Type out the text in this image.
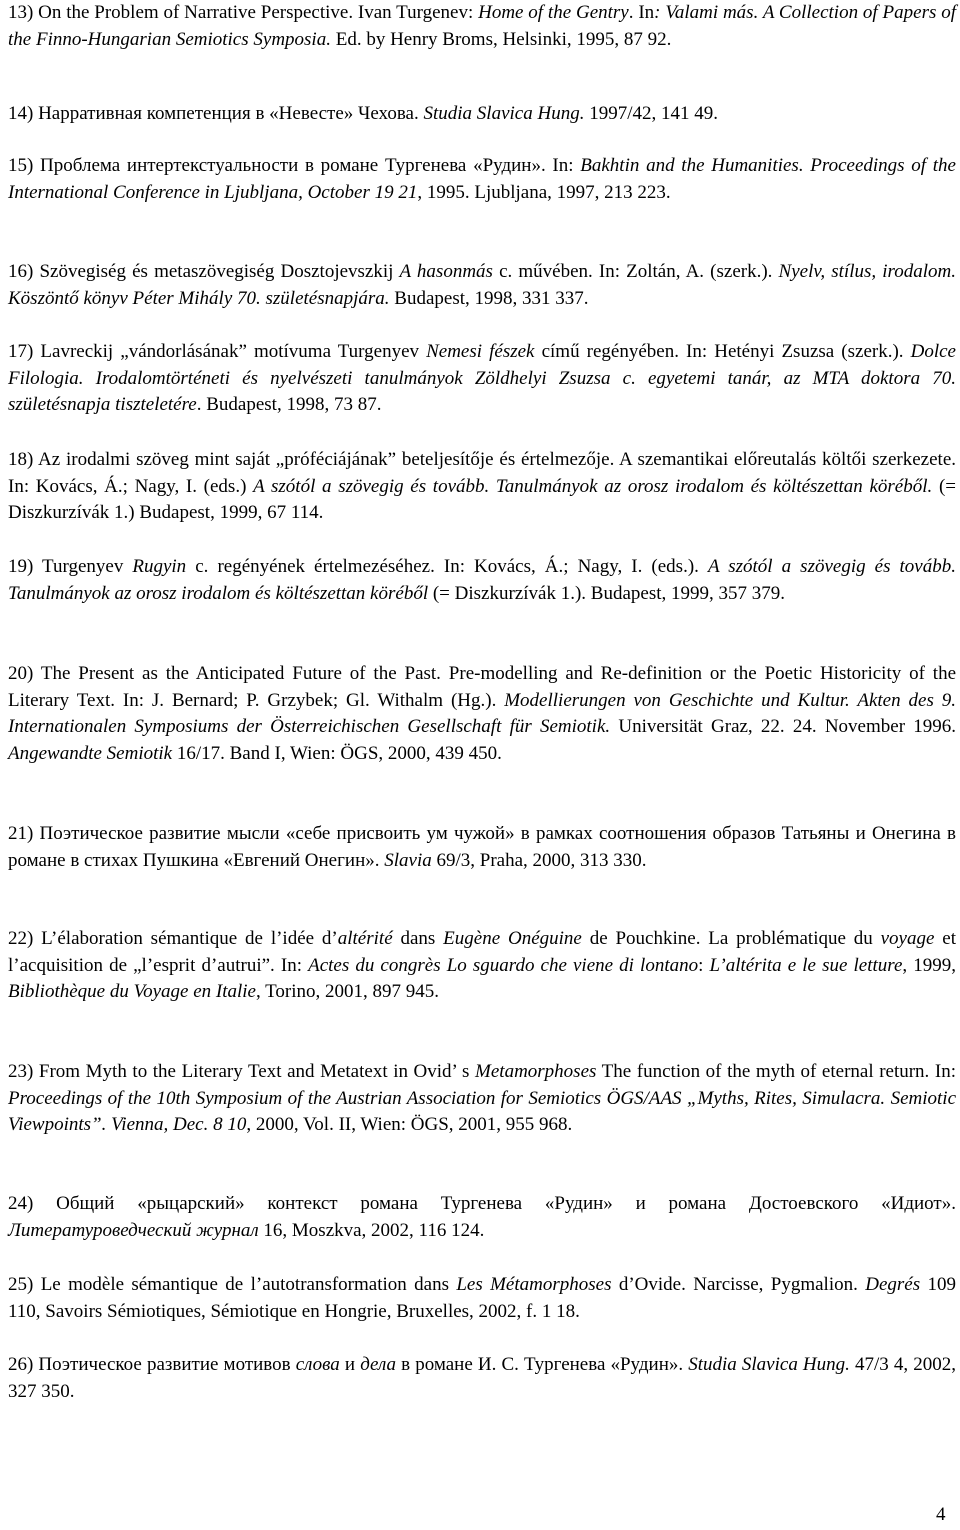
13) On the Problem of Narrative Perspective. Ivan Turgenev: Home of the Gentry. In: Valami más. A Collection of Papers of the Finno-Hungarian Semiotics Symposia. Ed. by Henry Broms, Helsinki, 1995, 87 92.

14) Нарративная компетенция в «Невесте» Чехова. Studia Slavica Hung. 1997/42, 141 49.

15) Проблема интертекстуальности в романе Тургенева «Рудин». In: Bakhtin and the Humanities. Proceedings of the International Conference in Ljubljana, October 19 21, 1995. Ljubljana, 1997, 213 223.

16) Szövegiség és metaszövegiség Dosztojevszkij A hasonmás c. művében. In: Zoltán, A. (szerk.). Nyelv, stílus, irodalom. Köszöntő könyv Péter Mihály 70. születésnapjára. Budapest, 1998, 331 337.

17) Lavreckij „vándorlásának” motívuma Turgenyev Nemesi fészek című regényében. In: Hetényi Zsuzsa (szerk.). Dolce Filologia. Irodalomtörténeti és nyelvészeti tanulmányok Zöldhelyi Zsuzsa c. egyetemi tanár, az MTA doktora 70. születésnapja tiszteletére. Budapest, 1998, 73 87.

18) Az irodalmi szöveg mint saját „próféciájának” beteljesítője és értelmezője. A szemantikai előreutalás költői szerkezete. In: Kovács, Á.; Nagy, I. (eds.) A szótól a szövegig és tovább. Tanulmányok az orosz irodalom és költészettan köréből. (= Diszkurzívák 1.) Budapest, 1999, 67 114.

19) Turgenyev Rugyin c. regényének értelmezéséhez. In: Kovács, Á.; Nagy, I. (eds.). A szótól a szövegig és tovább. Tanulmányok az orosz irodalom és költészettan köréből (= Diszkurzívák 1.). Budapest, 1999, 357 379.

20) The Present as the Anticipated Future of the Past. Pre-modelling and Re-definition or the Poetic Historicity of the Literary Text. In: J. Bernard; P. Grzybek; Gl. Withalm (Hg.). Modellierungen von Geschichte und Kultur. Akten des 9. Internationalen Symposiums der Österreichischen Gesellschaft für Semiotik. Universität Graz, 22. 24. November 1996. Angewandte Semiotik 16/17. Band I, Wien: ÖGS, 2000, 439 450.

21) Поэтическое развитие мысли «себе присвоить ум чужой» в рамках соотношения образов Татьяны и Онегина в романе в стихах Пушкина «Евгений Онегин». Slavia 69/3, Praha, 2000, 313 330.

22) L’élaboration sémantique de l’idée d’altérité dans Eugène Onéguine de Pouchkine. La problématique du voyage et l’acquisition de „l’esprit d’autrui”. In: Actes du congrès Lo sguardo che viene di lontano: L’altérita e le sue letture, 1999, Bibliothèque du Voyage en Italie, Torino, 2001, 897 945.

23) From Myth to the Literary Text and Metatext in Ovid’ s Metamorphoses The function of the myth of eternal return. In: Proceedings of the 10th Symposium of the Austrian Association for Semiotics ÖGS/AAS „Myths, Rites, Simulacra. Semiotic Viewpoints”. Vienna, Dec. 8 10, 2000, Vol. II, Wien: ÖGS, 2001, 955 968.

24) Общий «рыцарский» контекст романа Тургенева «Рудин» и романа Достоевского «Идиот». Литературоведческий журнал 16, Moszkva, 2002, 116 124.

25) Le modèle sémantique de l’autotransformation dans Les Métamorphoses d’Ovide. Narcisse, Pygmalion. Degrés 109 110, Savoirs Sémiotiques, Sémiotique en Hongrie, Bruxelles, 2002, f. 1 18.

26) Поэтическое развитие мотивов слова и дела в романе И. С. Тургенева «Рудин». Studia Slavica Hung. 47/3 4, 2002, 327 350.

4
